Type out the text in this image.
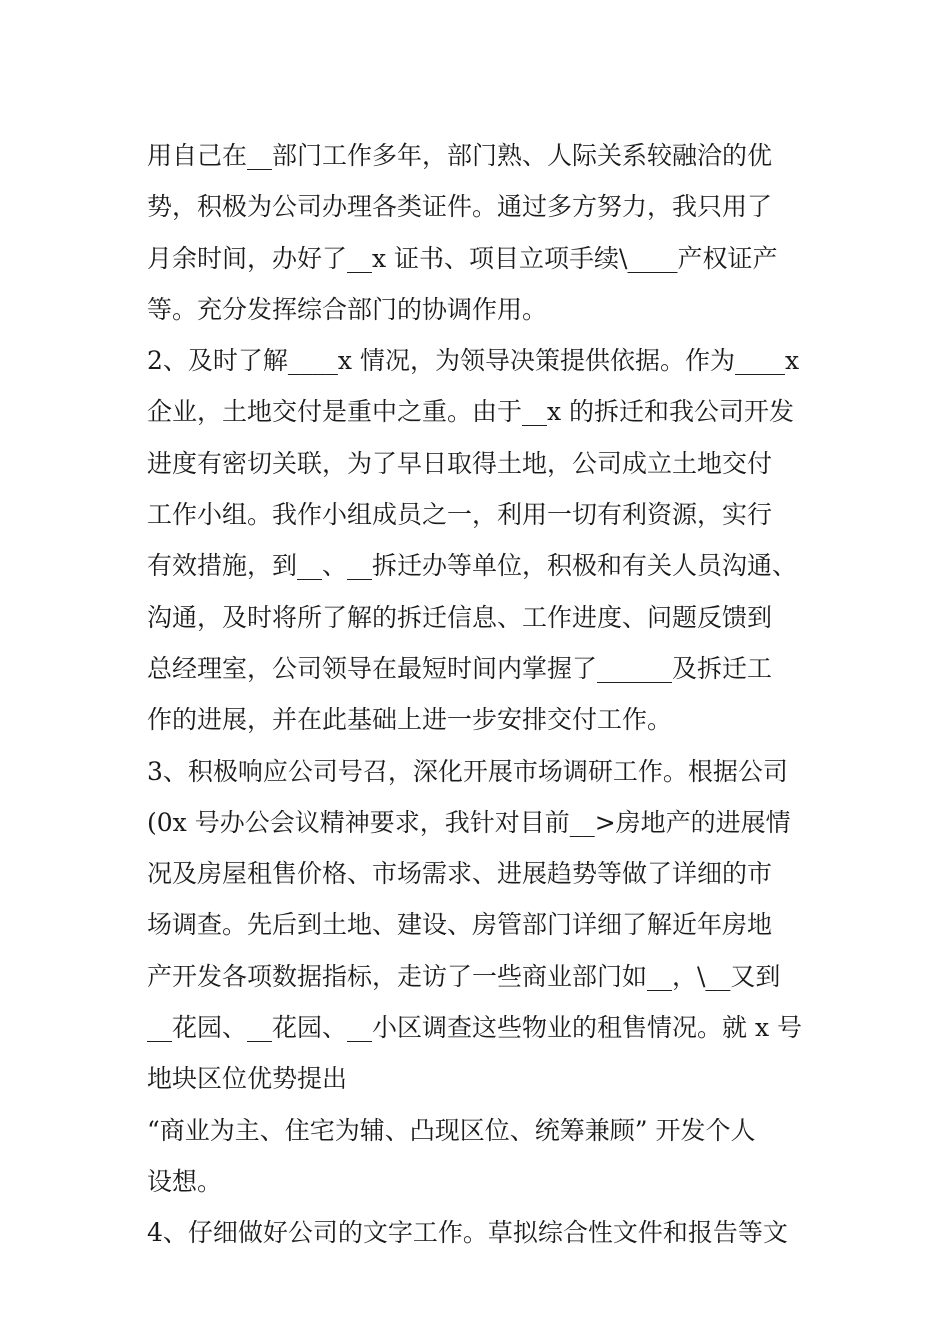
用自己在__部门工作多年，部门熟、人际关系较融洽的优
势，积极为公司办理各类证件。通过多方努力，我只用了
月余时间，办好了__x 证书、项目立项手续\____产权证产
等。充分发挥综合部门的协调作用。
2、及时了解____x 情况，为领导决策提供依据。作为____x
企业，土地交付是重中之重。由于__x 的拆迁和我公司开发
进度有密切关联，为了早日取得土地，公司成立土地交付
工作小组。我作小组成员之一，利用一切有利资源，实行
有效措施，到__、__拆迁办等单位，积极和有关人员沟通、
沟通，及时将所了解的拆迁信息、工作进度、问题反馈到
总经理室，公司领导在最短时间内掌握了______及拆迁工
作的进展，并在此基础上进一步安排交付工作。
3、积极响应公司号召，深化开展市场调研工作。根据公司
(0x 号办公会议精神要求，我针对目前__>房地产的进展情
况及房屋租售价格、市场需求、进展趋势等做了详细的市
场调查。先后到土地、建设、房管部门详细了解近年房地
产开发各项数据指标，走访了一些商业部门如__，\__又到
__花园、__花园、__小区调查这些物业的租售情况。就 x 号
地块区位优势提出
“商业为主、住宅为辅、凸现区位、统筹兼顾” 开发个人
设想。
4、仔细做好公司的文字工作。草拟综合性文件和报告等文
